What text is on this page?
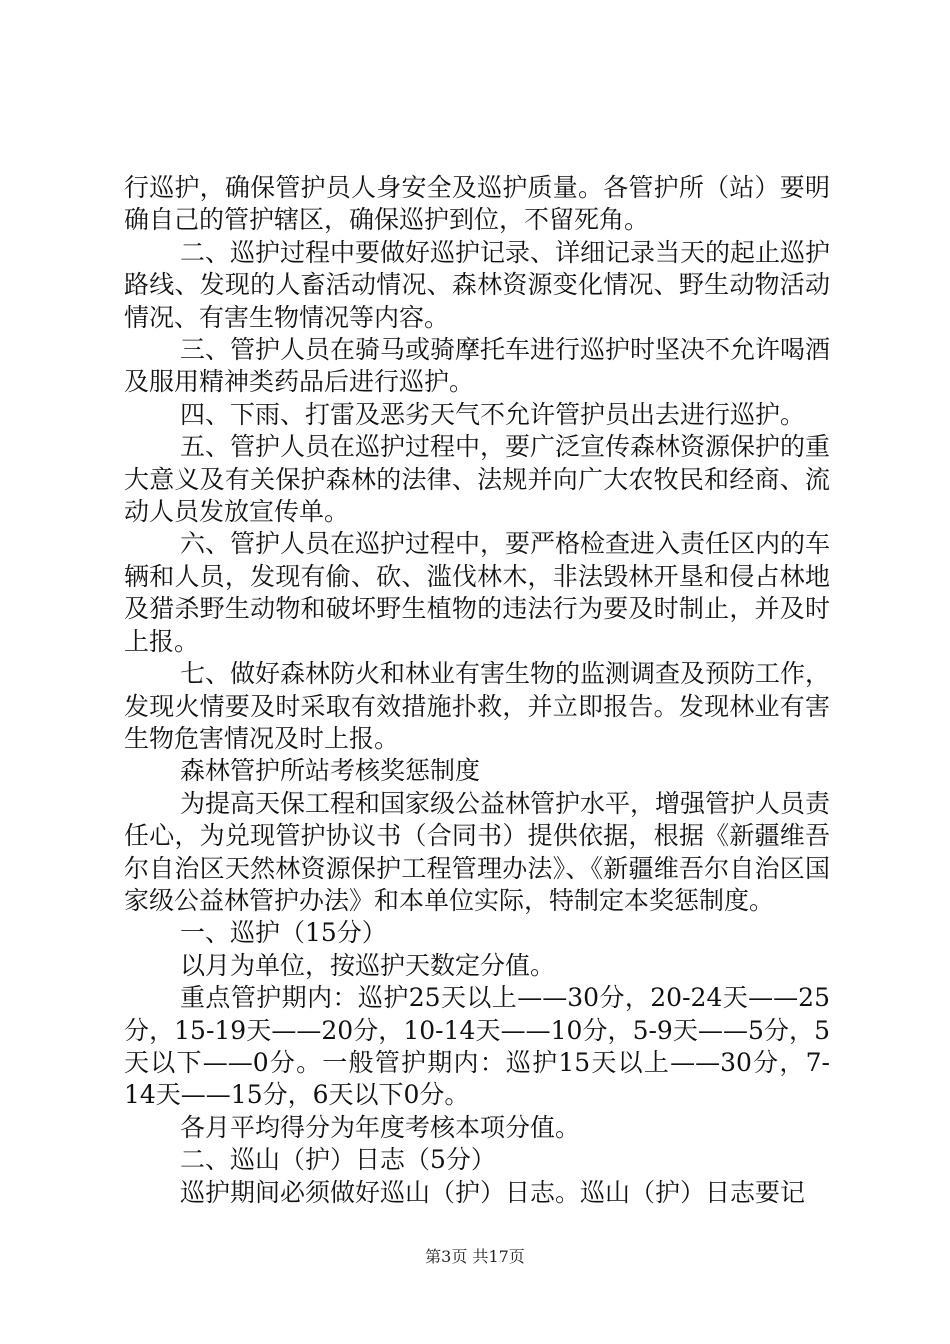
行巡护，确保管护员人身安全及巡护质量。各管护所（站）要明确自己的管护辖区，确保巡护到位，不留死角。

二、巡护过程中要做好巡护记录、详细记录当天的起止巡护路线、发现的人畜活动情况、森林资源变化情况、野生动物活动情况、有害生物情况等内容。

三、管护人员在骑马或骑摩托车进行巡护时坚决不允许喝酒及服用精神类药品后进行巡护。

四、下雨、打雷及恶劣天气不允许管护员出去进行巡护。

五、管护人员在巡护过程中，要广泛宣传森林资源保护的重大意义及有关保护森林的法律、法规并向广大农牧民和经商、流动人员发放宣传单。

六、管护人员在巡护过程中，要严格检查进入责任区内的车辆和人员，发现有偷、砍、滥伐林木，非法毁林开垦和侵占林地及猎杀野生动物和破坏野生植物的违法行为要及时制止，并及时上报。

七、做好森林防火和林业有害生物的监测调查及预防工作，发现火情要及时采取有效措施扑救，并立即报告。发现林业有害生物危害情况及时上报。

森林管护所站考核奖惩制度

为提高天保工程和国家级公益林管护水平，增强管护人员责任心，为兑现管护协议书（合同书）提供依据，根据《新疆维吾尔自治区天然林资源保护工程管理办法》、《新疆维吾尔自治区国家级公益林管护办法》和本单位实际，特制定本奖惩制度。

一、巡护（15分）

以月为单位，按巡护天数定分值。

重点管护期内：巡护25天以上——30分，20-24天——25分，15-19天——20分，10-14天——10分，5-9天——5分，5天以下——0分。一般管护期内：巡护15天以上——30分，7-14天——15分，6天以下0分。

各月平均得分为年度考核本项分值。

二、巡山（护）日志（5分）

巡护期间必须做好巡山（护）日志。巡山（护）日志要记

第3页 共17页
